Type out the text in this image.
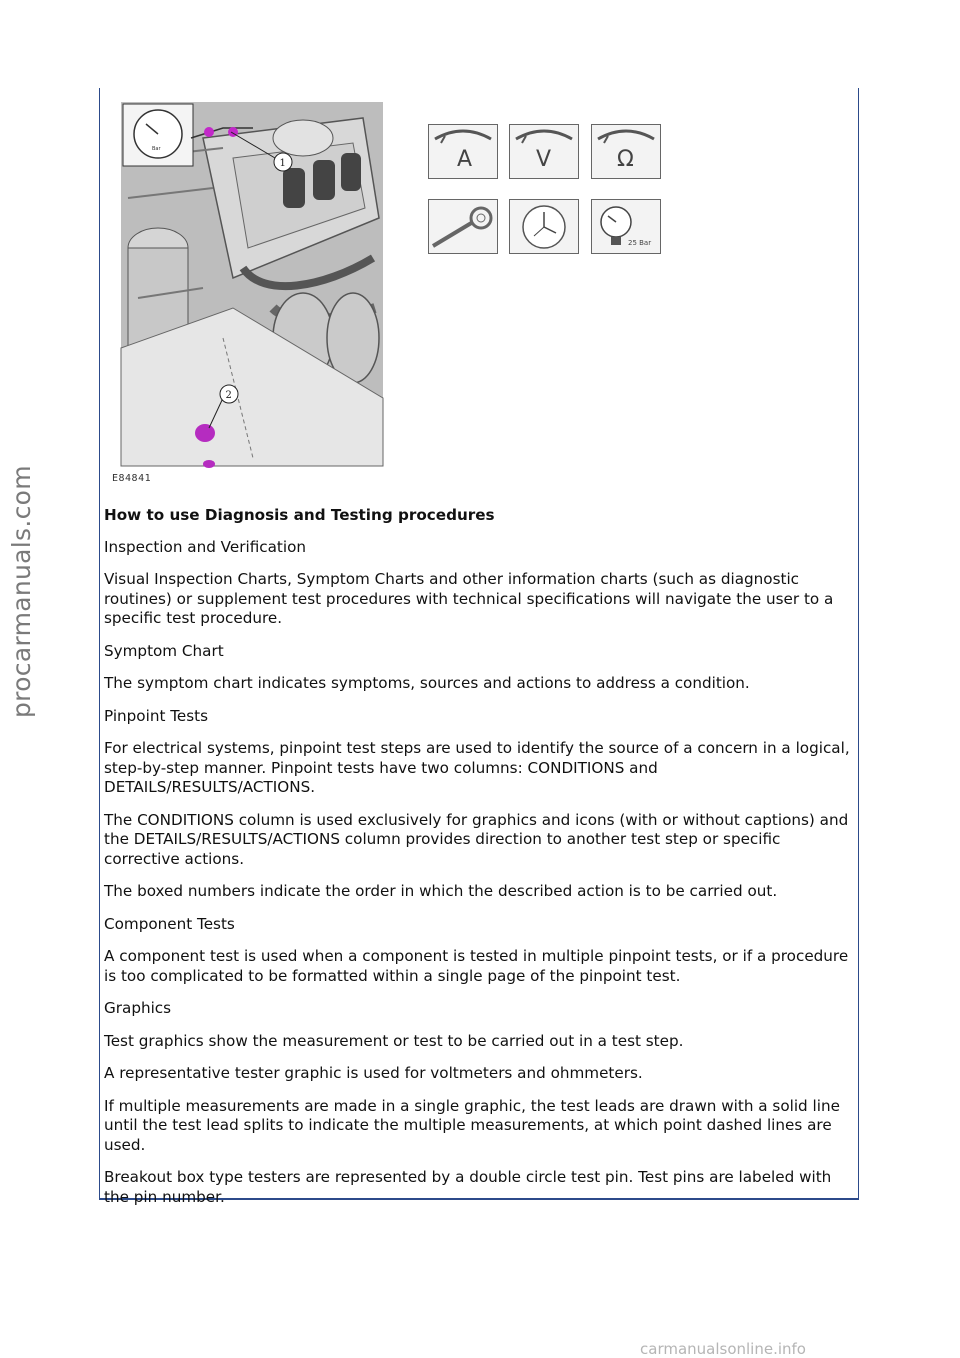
procarmanuals.com
carmanualsonline.info
Bar
1
2
E84841
A	V	Ω
25 Bar
How to use Diagnosis and Testing procedures

Inspection and Verification

Visual Inspection Charts, Symptom Charts and other information charts (such as diagnostic routines) or supplement test procedures with technical specifications will navigate the user to a specific test procedure.

Symptom Chart

The symptom chart indicates symptoms, sources and actions to address a condition.

Pinpoint Tests

For electrical systems, pinpoint test steps are used to identify the source of a concern in a logical, step-by-step manner. Pinpoint tests have two columns: CONDITIONS and DETAILS/RESULTS/ACTIONS.

The CONDITIONS column is used exclusively for graphics and icons (with or without captions) and the DETAILS/RESULTS/ACTIONS column provides direction to another test step or specific corrective actions.

The boxed numbers indicate the order in which the described action is to be carried out.

Component Tests

A component test is used when a component is tested in multiple pinpoint tests, or if a procedure is too complicated to be formatted within a single page of the pinpoint test.

Graphics

Test graphics show the measurement or test to be carried out in a test step.

A representative tester graphic is used for voltmeters and ohmmeters.

If multiple measurements are made in a single graphic, the test leads are drawn with a solid line until the test lead splits to indicate the multiple measurements, at which point dashed lines are used.

Breakout box type testers are represented by a double circle test pin. Test pins are labeled with the pin number.
